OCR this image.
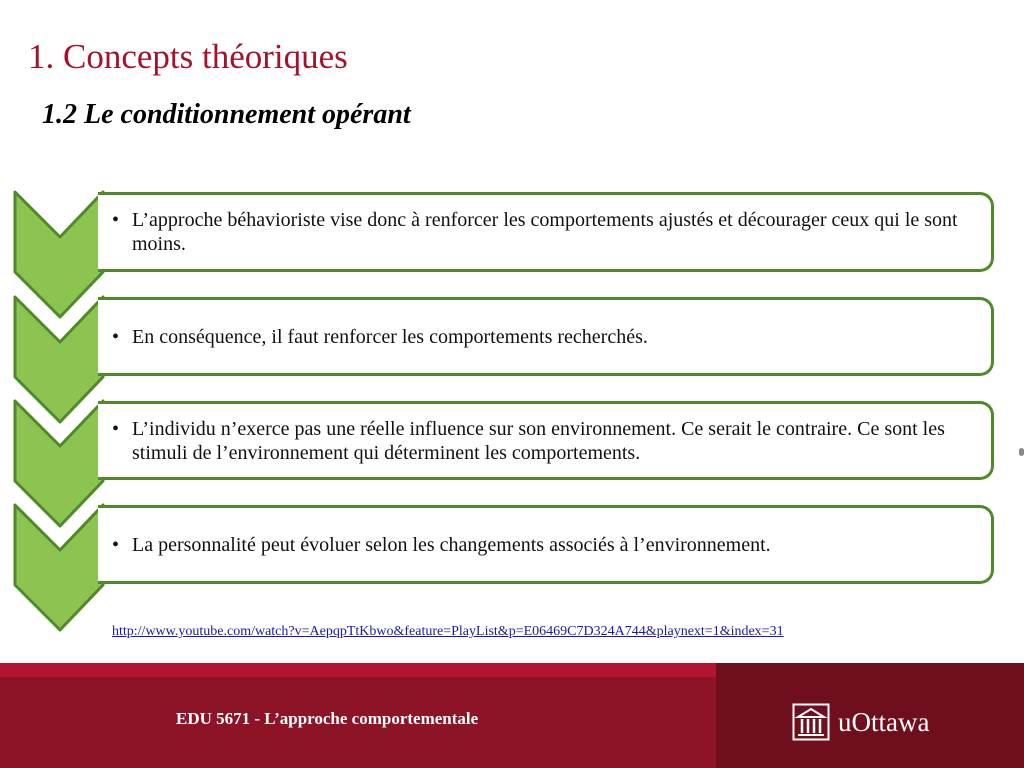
1. Concepts théoriques
1.2 Le conditionnement opérant
• L’approche béhavioriste vise donc à renforcer les comportements ajustés et décourager ceux qui le sont moins.
• En conséquence, il faut renforcer les comportements recherchés.
• L’individu n’exerce pas une réelle influence sur son environnement. Ce serait le contraire. Ce sont les stimuli de l’environnement qui déterminent les comportements.
• La personnalité peut évoluer selon les changements associés à l’environnement.
http://www.youtube.com/watch?v=AepqpTtKbwo&feature=PlayList&p=E06469C7D324A744&playnext=1&index=31
EDU 5671 - L’approche comportementale	uOttawa
